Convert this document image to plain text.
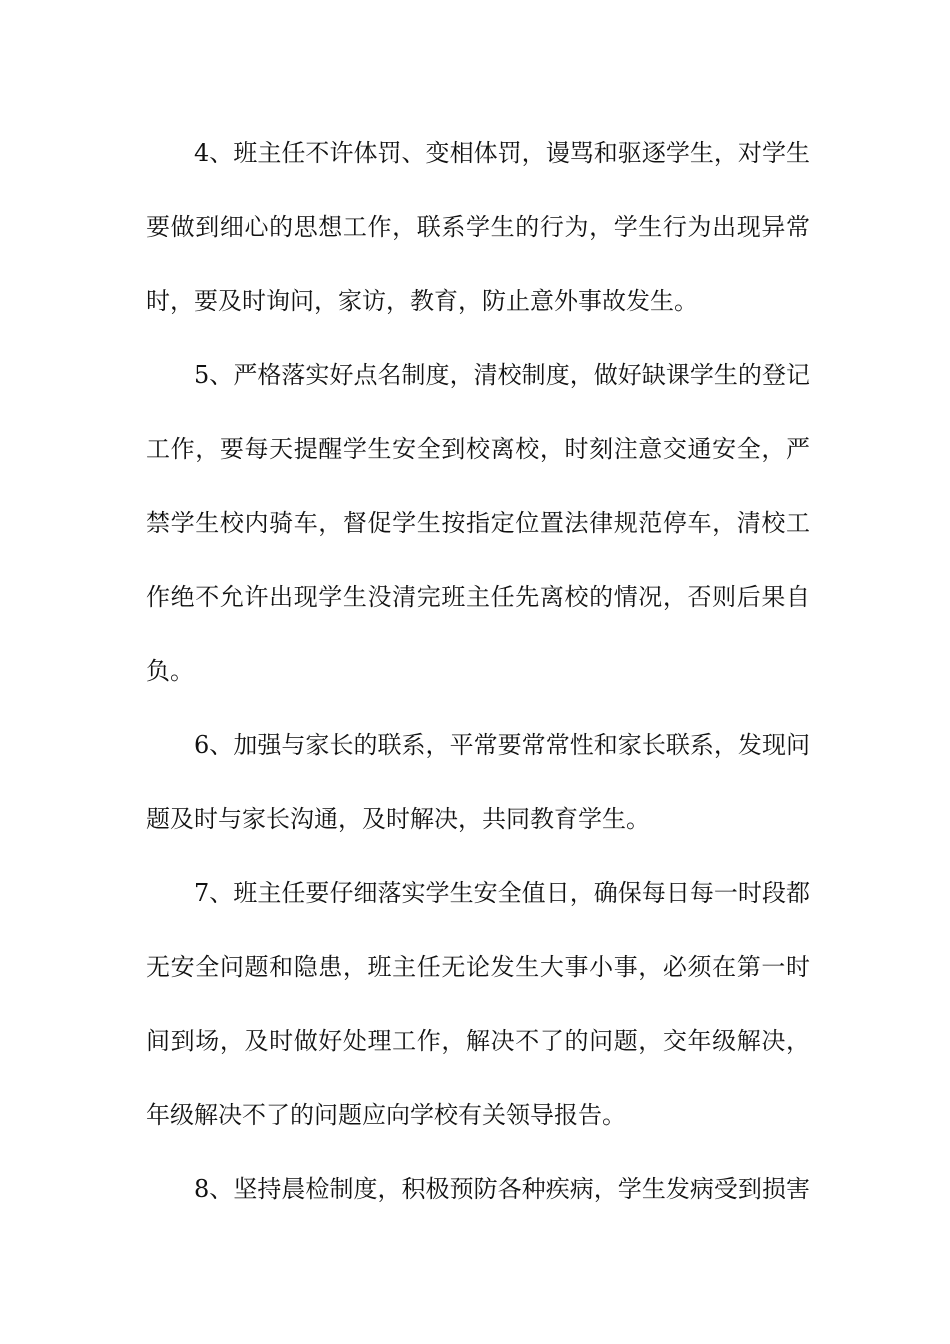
4、班主任不许体罚、变相体罚，谩骂和驱逐学生，对学生
要做到细心的思想工作，联系学生的行为，学生行为出现异常
时，要及时询问，家访，教育，防止意外事故发生。
5、严格落实好点名制度，清校制度，做好缺课学生的登记
工作，要每天提醒学生安全到校离校，时刻注意交通安全，严
禁学生校内骑车，督促学生按指定位置法律规范停车，清校工
作绝不允许出现学生没清完班主任先离校的情况，否则后果自
负。
6、加强与家长的联系，平常要常常性和家长联系，发现问
题及时与家长沟通，及时解决，共同教育学生。
7、班主任要仔细落实学生安全值日，确保每日每一时段都
无安全问题和隐患，班主任无论发生大事小事，必须在第一时
间到场，及时做好处理工作，解决不了的问题，交年级解决，
年级解决不了的问题应向学校有关领导报告。
8、坚持晨检制度，积极预防各种疾病，学生发病受到损害
